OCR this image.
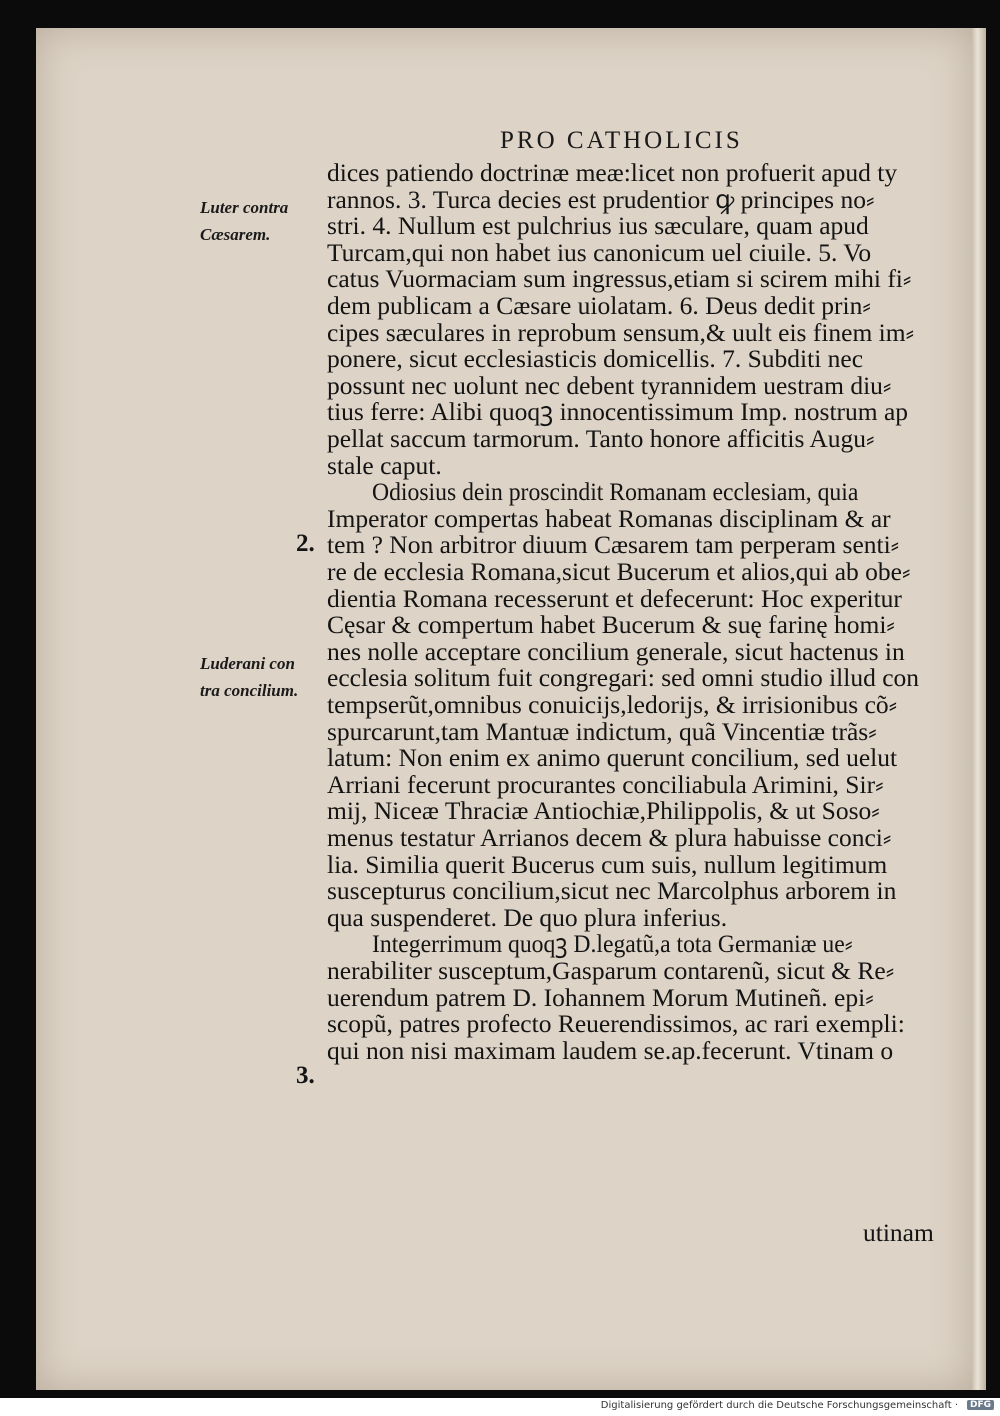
PRO CATHOLICIS
dices patiendo doctrinæ meæ:licet non profuerit apud ty
rannos. 3. Turca decies est prudentior ꝙ principes no⸗
stri. 4. Nullum est pulchrius ius sæculare, quam apud
Turcam,qui non habet ius canonicum uel ciuile. 5. Vo
catus Vuormaciam sum ingressus,etiam si scirem mihi fi⸗
dem publicam a Cæsare uiolatam. 6. Deus dedit prin⸗
cipes sæculares in reprobum sensum,& uult eis finem im⸗
ponere, sicut ecclesiasticis domicellis. 7. Subditi nec
possunt nec uolunt nec debent tyrannidem uestram diu⸗
tius ferre: Alibi quoqꝫ innocentissimum Imp. nostrum ap
pellat saccum tarmorum. Tanto honore afficitis Augu⸗
stale caput.
Odiosius dein proscindit Romanam ecclesiam, quia
Imperator compertas habeat Romanas disciplinam & ar
tem ? Non arbitror diuum Cæsarem tam perperam senti⸗
re de ecclesia Romana,sicut Bucerum et alios,qui ab obe⸗
dientia Romana recesserunt et defecerunt: Hoc experitur
Cęsar & compertum habet Bucerum & suę farinę homi⸗
nes nolle acceptare concilium generale, sicut hactenus in
ecclesia solitum fuit congregari: sed omni studio illud con
tempserũt,omnibus conuicijs,ledorijs, & irrisionibus cõ⸗
spurcarunt,tam Mantuæ indictum, quã Vincentiæ trãs⸗
latum: Non enim ex animo querunt concilium, sed uelut
Arriani fecerunt procurantes conciliabula Arimini, Sir⸗
mij, Niceæ Thraciæ Antiochiæ,Philippolis, & ut Soso⸗
menus testatur Arrianos decem & plura habuisse conci⸗
lia. Similia querit Bucerus cum suis, nullum legitimum
suscepturus concilium,sicut nec Marcolphus arborem in
qua suspenderet. De quo plura inferius.
Integerrimum quoqꝫ D.legatũ,a tota Germaniæ ue⸗
nerabiliter susceptum,Gasparum contarenũ, sicut & Re⸗
uerendum patrem D. Iohannem Morum Mutineñ. epi⸗
scopũ, patres profecto Reuerendissimos, ac rari exempli:
qui non nisi maximam laudem se.ap.fecerunt. Vtinam o
Luter contra
Cæsarem.
Luderani con
tra concilium.
2.
3.
utinam
Digitalisierung gefördert durch die Deutsche Forschungsgemeinschaft ·	DFG
